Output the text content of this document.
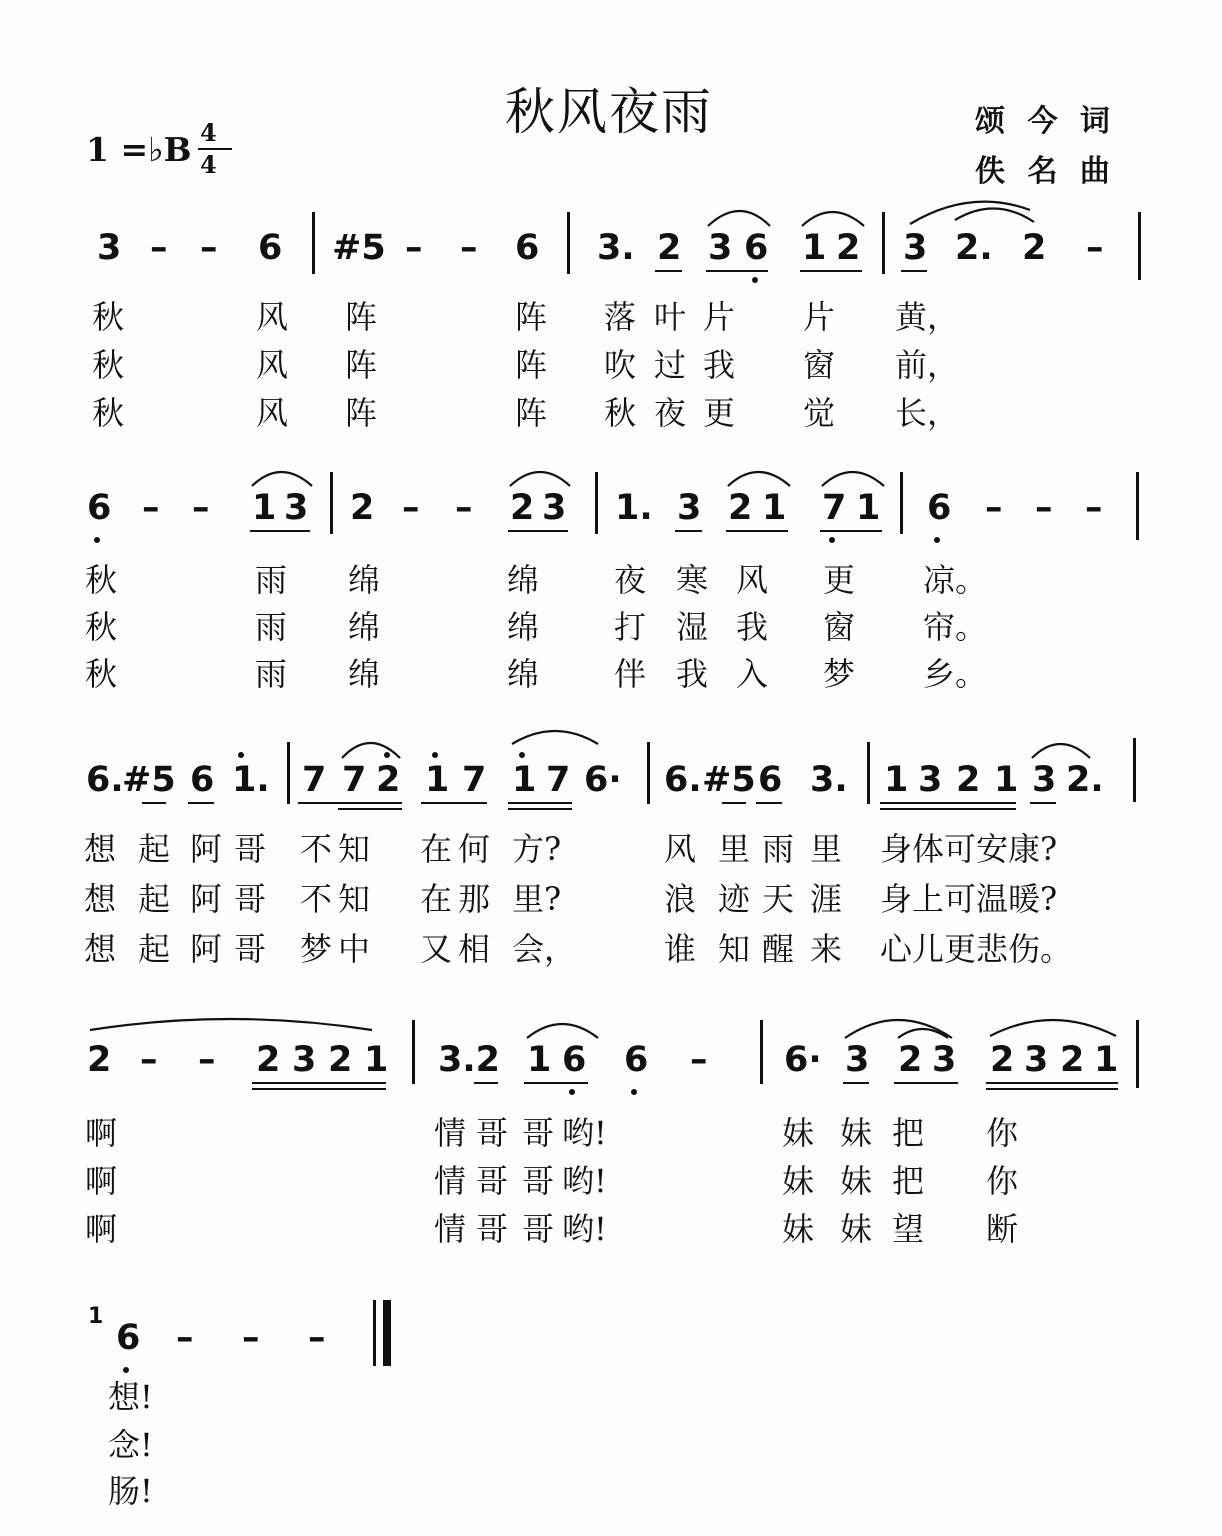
秋风夜雨	颂 今 词
佚 名 曲
1 =♭B 4
4
3 – – 6 #5 – – 6 3. 2 3 6 1 2 3 2. 2 –
秋	风 阵	阵 落 叶 片 片 黄，
秋	风 阵	阵 吹 过 我 窗 前，
秋	风 阵	阵 秋 夜 更 觉 长，
6 – – 1 3 2 – – 2 3 1. 3 2 1 7 1 6 – – –
秋	雨 绵	绵 夜 寒 风 更 凉。
秋	雨 绵	绵 打 湿 我 窗 帘。
秋	雨 绵	绵 伴 我 入 梦 乡。
6.
#5 6 1. 7 7 2 1 7 1 7 6· 6. #5 6 3. 1 3 2 1 3 2.
想 起 阿 哥 不 知 在 何 方?	风 里 雨 里 身体可安康?
想 起 阿 哥 不 知 在 那 里?	浪 迹 天 涯 身上可温暖?
想 起 阿 哥 梦 中 又 相 会，	谁 知 醒 来 心儿更悲伤。
2 – – 2 3 2 1 3.2 1 6 6 – 6· 3 2 3 2 3 2 1
啊	情 哥 哥 哟!	妹 妹 把 你
啊	情 哥 哥 哟!	妹 妹 把 你
啊	情 哥 哥 哟!	妹 妹 望 断
1
6 – – –
想!
念!
肠!
